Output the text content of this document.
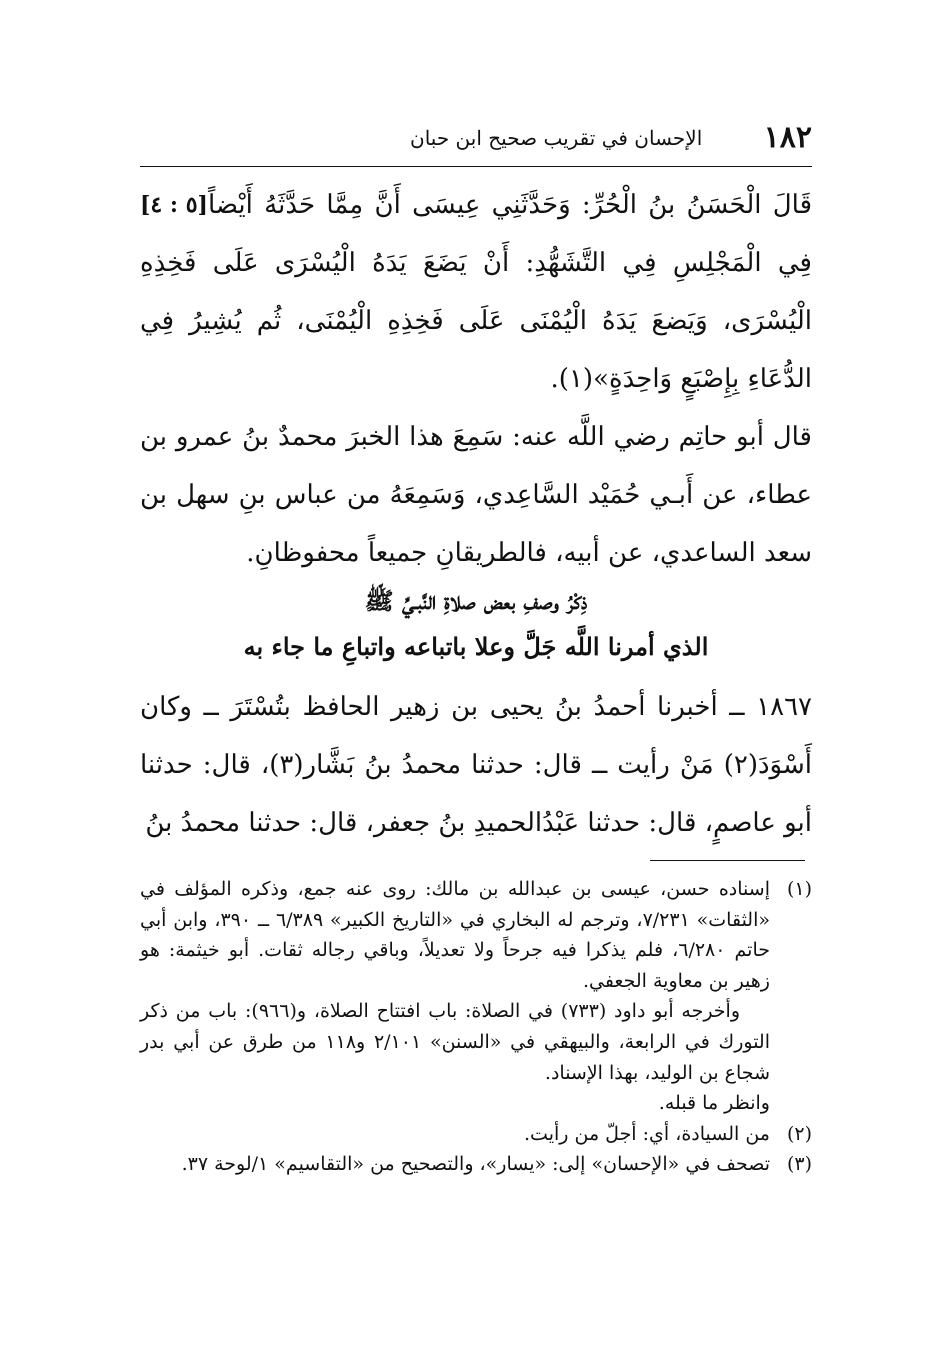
١٨٢
الإحسان في تقريب صحيح ابن حبان

[٥ : ٤] قَالَ الْحَسَنُ بنُ الْحُرِّ: وَحَدَّثَنِي عِيسَى أَنَّ مِمَّا حَدَّثَهُ أَيْضاً فِي الْمَجْلِسِ فِي التَّشَهُّدِ: أَنْ يَضَعَ يَدَهُ الْيُسْرَى عَلَى فَخِذِهِ الْيُسْرَى، وَيَضعَ يَدَهُ الْيُمْنَى عَلَى فَخِذِهِ الْيُمْنَى، ثُم يُشِيرُ فِي الدُّعَاءِ بِإِصْبَعٍ وَاحِدَةٍ»(١).

قال أبو حاتِم رضي اللَّه عنه: سَمِعَ هذا الخبرَ محمدٌ بنُ عمرو بن عطاء، عن أَبـي حُمَيْد السَّاعِدي، وَسَمِعَهُ من عباس بنِ سهل بن سعد الساعدي، عن أبيه، فالطريقانِ جميعاً محفوظانِ.

ذِكْرُ وصفِ بعض صلاةِ النَّبـيِّ ﷺ
الذي أمرنا اللَّه جَلَّ وعلا باتباعه واتباعِ ما جاء به

١٨٦٧ ــ أخبرنا أحمدُ بنُ يحيى بن زهير الحافظ بتُسْتَرَ ــ وكان أَسْوَدَ(٢) مَنْ رأيت ــ قال: حدثنا محمدُ بنُ بَشَّار(٣)، قال: حدثنا أبو عاصمٍ، قال: حدثنا عَبْدُالحميدِ بنُ جعفر، قال: حدثنا محمدُ بنُ

(١)
إسناده حسن، عيسى بن عبدالله بن مالك: روى عنه جمع، وذكره المؤلف في «الثقات» ٧/٢٣١، وترجم له البخاري في «التاريخ الكبير» ٦/٣٨٩ ــ ٣٩٠، وابن أبي حاتم ٦/٢٨٠، فلم يذكرا فيه جرحاً ولا تعديلاً، وباقي رجاله ثقات. أبو خيثمة: هو زهير بن معاوية الجعفي.
وأخرجه أبو داود (٧٣٣) في الصلاة: باب افتتاح الصلاة، و(٩٦٦): باب من ذكر التورك في الرابعة، والبيهقي في «السنن» ٢/١٠١ و١١٨ من طرق عن أبي بدر شجاع بن الوليد، بهذا الإسناد.
وانظر ما قبله.
(٢)
من السيادة، أي: أجلّ من رأيت.
(٣)
تصحف في «الإحسان» إلى: «يسار»، والتصحيح من «التقاسيم» ١/لوحة ٣٧.
